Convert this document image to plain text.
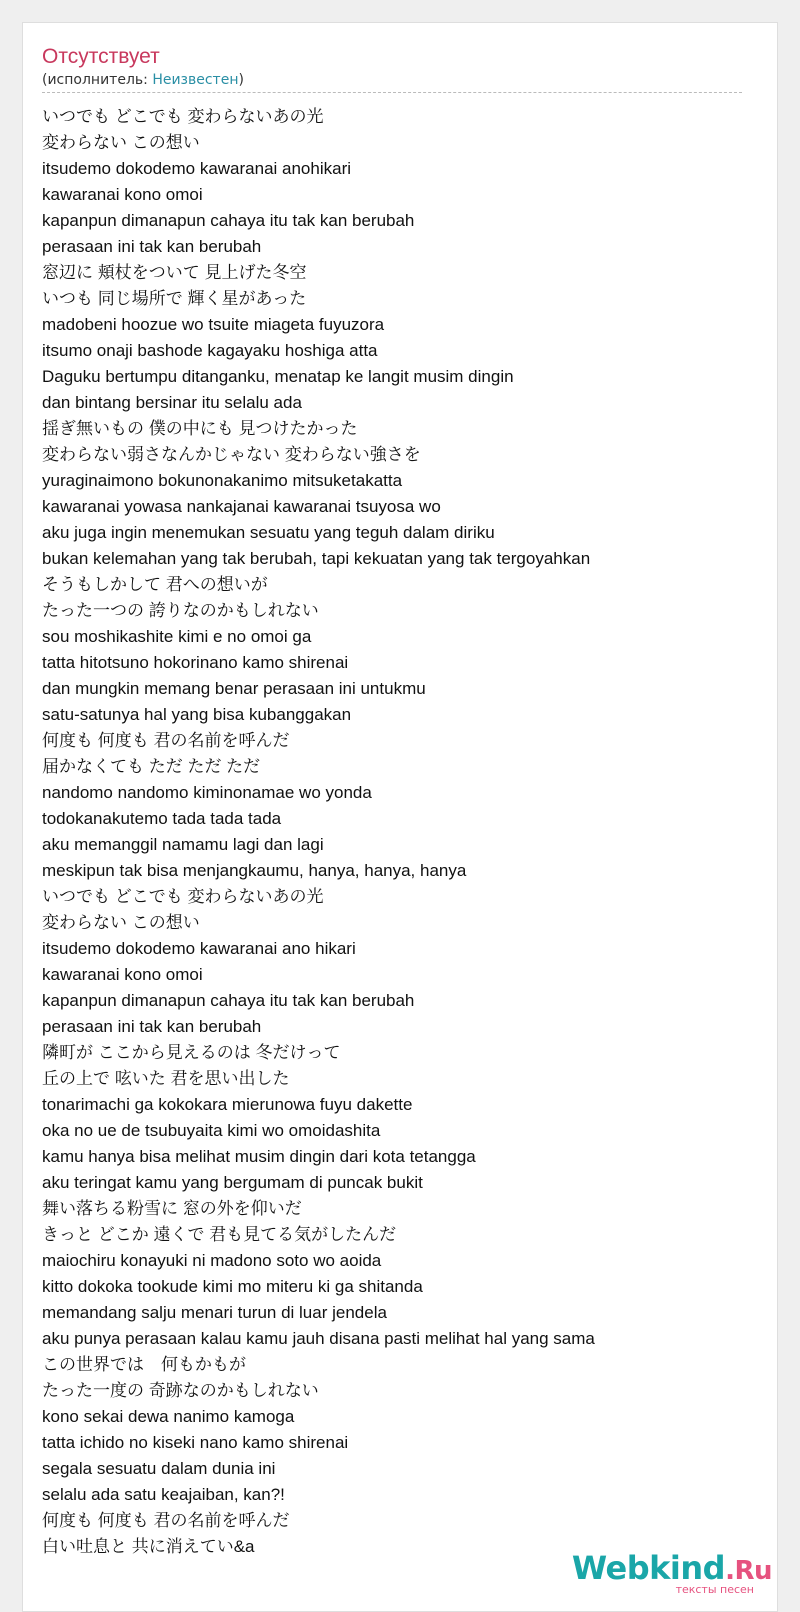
Отсутствует
(исполнитель: Неизвестен)
いつでも どこでも 変わらないあの光
変わらない この想い
itsudemo dokodemo kawaranai anohikari
kawaranai kono omoi
kapanpun dimanapun cahaya itu tak kan berubah
perasaan ini tak kan berubah
窓辺に 頬杖をついて 見上げた冬空
いつも 同じ場所で 輝く星があった
madobeni hoozue wo tsuite miageta fuyuzora
itsumo onaji bashode kagayaku hoshiga atta
Daguku bertumpu ditanganku, menatap ke langit musim dingin
dan bintang bersinar itu selalu ada
揺ぎ無いもの 僕の中にも 見つけたかった
変わらない弱さなんかじゃない 変わらない強さを
yuraginaimono bokunonakanimo mitsuketakatta
kawaranai yowasa nankajanai kawaranai tsuyosa wo
aku juga ingin menemukan sesuatu yang teguh dalam diriku
bukan kelemahan yang tak berubah, tapi kekuatan yang tak tergoyahkan
そうもしかして 君への想いが
たった一つの 誇りなのかもしれない
sou moshikashite kimi e no omoi ga
tatta hitotsuno hokorinano kamo shirenai
dan mungkin memang benar perasaan ini untukmu
satu-satunya hal yang bisa kubanggakan
何度も 何度も 君の名前を呼んだ
届かなくても ただ ただ ただ
nandomo nandomo kiminonamae wo yonda
todokanakutemo tada tada tada
aku memanggil namamu lagi dan lagi
meskipun tak bisa menjangkaumu, hanya, hanya, hanya
いつでも どこでも 変わらないあの光
変わらない この想い
itsudemo dokodemo kawaranai ano hikari
kawaranai kono omoi
kapanpun dimanapun cahaya itu tak kan berubah
perasaan ini tak kan berubah
隣町が ここから見えるのは 冬だけって
丘の上で 呟いた 君を思い出した
tonarimachi ga kokokara mierunowa fuyu dakette
oka no ue de tsubuyaita kimi wo omoidashita
kamu hanya bisa melihat musim dingin dari kota tetangga
aku teringat kamu yang bergumam di puncak bukit
舞い落ちる粉雪に 窓の外を仰いだ
きっと どこか 遠くで 君も見てる気がしたんだ
maiochiru konayuki ni madono soto wo aoida
kitto dokoka tookude kimi mo miteru ki ga shitanda
memandang salju menari turun di luar jendela
aku punya perasaan kalau kamu jauh disana pasti melihat hal yang sama
この世界では　何もかもが
たった一度の 奇跡なのかもしれない
kono sekai dewa nanimo kamoga
tatta ichido no kiseki nano kamo shirenai
segala sesuatu dalam dunia ini
selalu ada satu keajaiban, kan?!
何度も 何度も 君の名前を呼んだ
白い吐息と 共に消えてい&a
Webkind.Ru
тексты песен
